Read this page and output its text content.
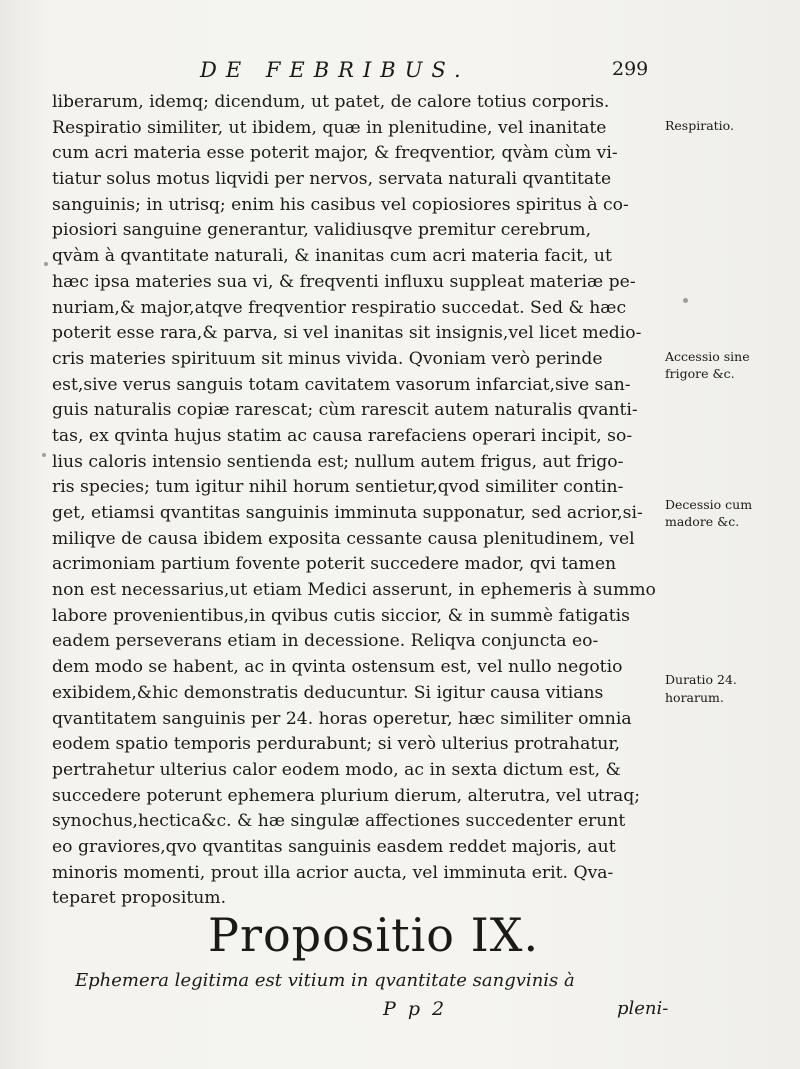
DE FEBRIBUS.	299
liberarum, idemq; dicendum, ut patet, de calore totius corporis.
Respiratio similiter, ut ibidem, quæ in plenitudine, vel inanitate
cum acri materia esse poterit major, & freqventior, qvàm cùm vi-
tiatur solus motus liqvidi per nervos, servata naturali qvantitate
sanguinis; in utrisq; enim his casibus vel copiosiores spiritus à co-
piosiori sanguine generantur, validiusqve premitur cerebrum,
qvàm à qvantitate naturali, & inanitas cum acri materia facit, ut
hæc ipsa materies sua vi, & freqventi influxu suppleat materiæ pe-
nuriam,& major,atqve freqventior respiratio succedat. Sed & hæc
poterit esse rara,& parva, si vel inanitas sit insignis,vel licet medio-
cris materies spirituum sit minus vivida. Qvoniam verò perinde
est,sive verus sanguis totam cavitatem vasorum infarciat,sive san-
guis naturalis copiæ rarescat; cùm rarescit autem naturalis qvanti-
tas, ex qvinta hujus statim ac causa rarefaciens operari incipit, so-
lius caloris intensio sentienda est; nullum autem frigus, aut frigo-
ris species; tum igitur nihil horum sentietur,qvod similiter contin-
get, etiamsi qvantitas sanguinis imminuta supponatur, sed acrior,si-
miliqve de causa ibidem exposita cessante causa plenitudinem, vel
acrimoniam partium fovente poterit succedere mador, qvi tamen
non est necessarius,ut etiam Medici asserunt, in ephemeris à summo
labore provenientibus,in qvibus cutis siccior, & in summè fatigatis
eadem perseverans etiam in decessione. Reliqva conjuncta eo-
dem modo se habent, ac in qvinta ostensum est, vel nullo negotio
exibidem,&hic demonstratis deducuntur. Si igitur causa vitians
qvantitatem sanguinis per 24. horas operetur, hæc similiter omnia
eodem spatio temporis perdurabunt; si verò ulterius protrahatur,
pertrahetur ulterius calor eodem modo, ac in sexta dictum est, &
succedere poterunt ephemera plurium dierum, alterutra, vel utraq;
synochus,hectica&c. & hæ singulæ affectiones succedenter erunt
eo graviores,qvo qvantitas sanguinis easdem reddet majoris, aut
minoris momenti, prout illa acrior aucta, vel imminuta erit. Qva-
teparet propositum.
Respiratio.
Accessio sine
frigore &c.
Decessio cum
madore &c.
Duratio 24.
horarum.
Propositio IX.
Ephemera legitima est vitium in qvantitate sangvinis à
P p 2	pleni-
